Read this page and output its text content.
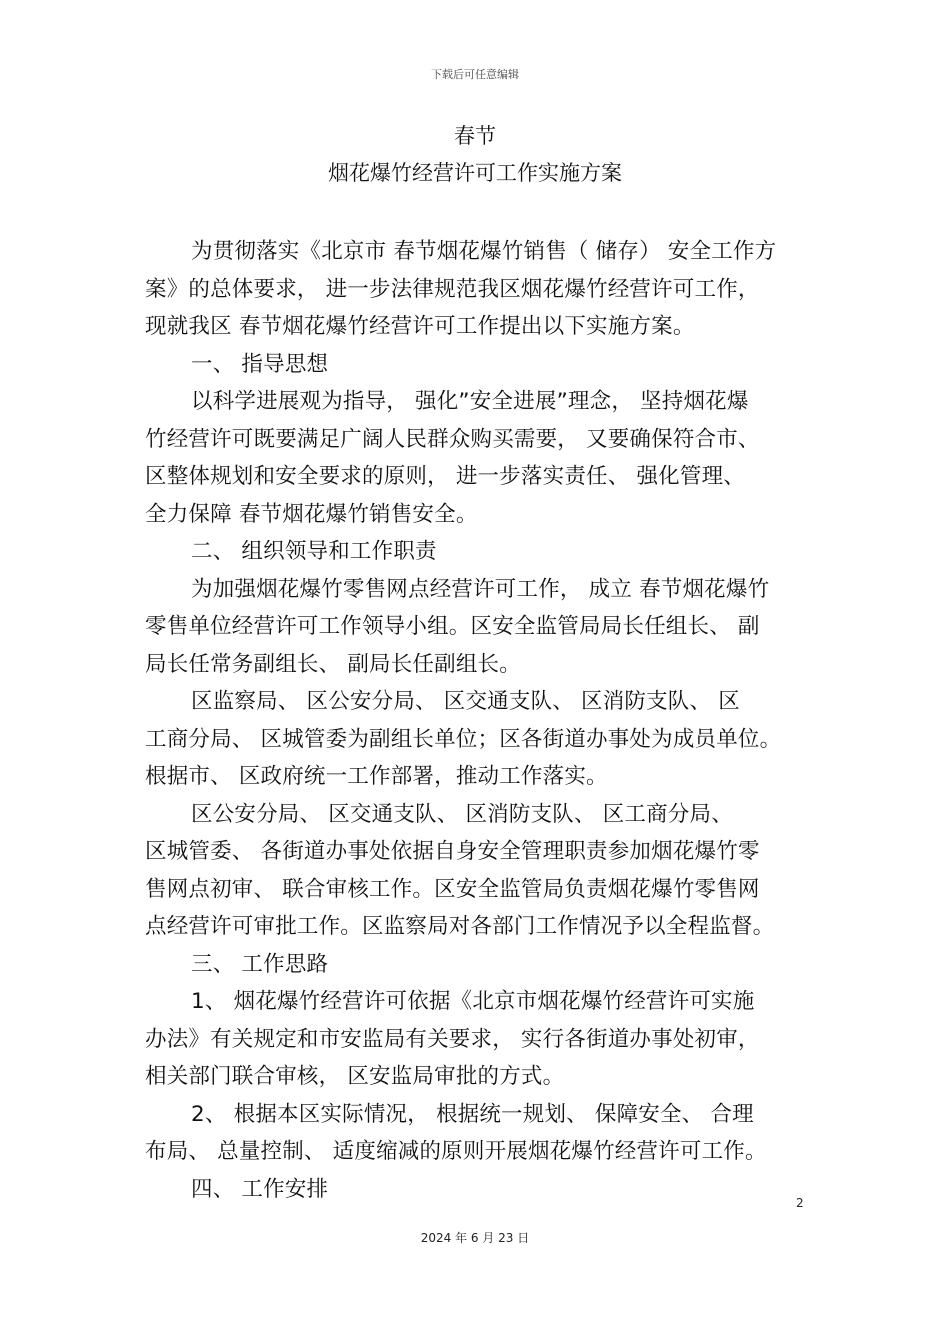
下载后可任意编辑
春节
烟花爆竹经营许可工作实施方案
为贯彻落实《北京市 春节烟花爆竹销售（ 储存） 安全工作方
案》的总体要求， 进一步法律规范我区烟花爆竹经营许可工作，
现就我区 春节烟花爆竹经营许可工作提出以下实施方案。
一、 指导思想
以科学进展观为指导， 强化”安全进展”理念， 坚持烟花爆
竹经营许可既要满足广阔人民群众购买需要， 又要确保符合市、
区整体规划和安全要求的原则， 进一步落实责任、 强化管理、
全力保障 春节烟花爆竹销售安全。
二、 组织领导和工作职责
为加强烟花爆竹零售网点经营许可工作， 成立 春节烟花爆竹
零售单位经营许可工作领导小组。区安全监管局局长任组长、 副
局长任常务副组长、 副局长任副组长。
区监察局、 区公安分局、 区交通支队、 区消防支队、 区
工商分局、 区城管委为副组长单位；区各街道办事处为成员单位。
根据市、 区政府统一工作部署，推动工作落实。
区公安分局、 区交通支队、 区消防支队、 区工商分局、
区城管委、 各街道办事处依据自身安全管理职责参加烟花爆竹零
售网点初审、 联合审核工作。区安全监管局负责烟花爆竹零售网
点经营许可审批工作。区监察局对各部门工作情况予以全程监督。
三、 工作思路
1、 烟花爆竹经营许可依据《北京市烟花爆竹经营许可实施
办法》有关规定和市安监局有关要求， 实行各街道办事处初审，
相关部门联合审核， 区安监局审批的方式。
2、 根据本区实际情况， 根据统一规划、 保障安全、 合理
布局、 总量控制、 适度缩减的原则开展烟花爆竹经营许可工作。
四、 工作安排
2
2024 年 6 月 23 日
